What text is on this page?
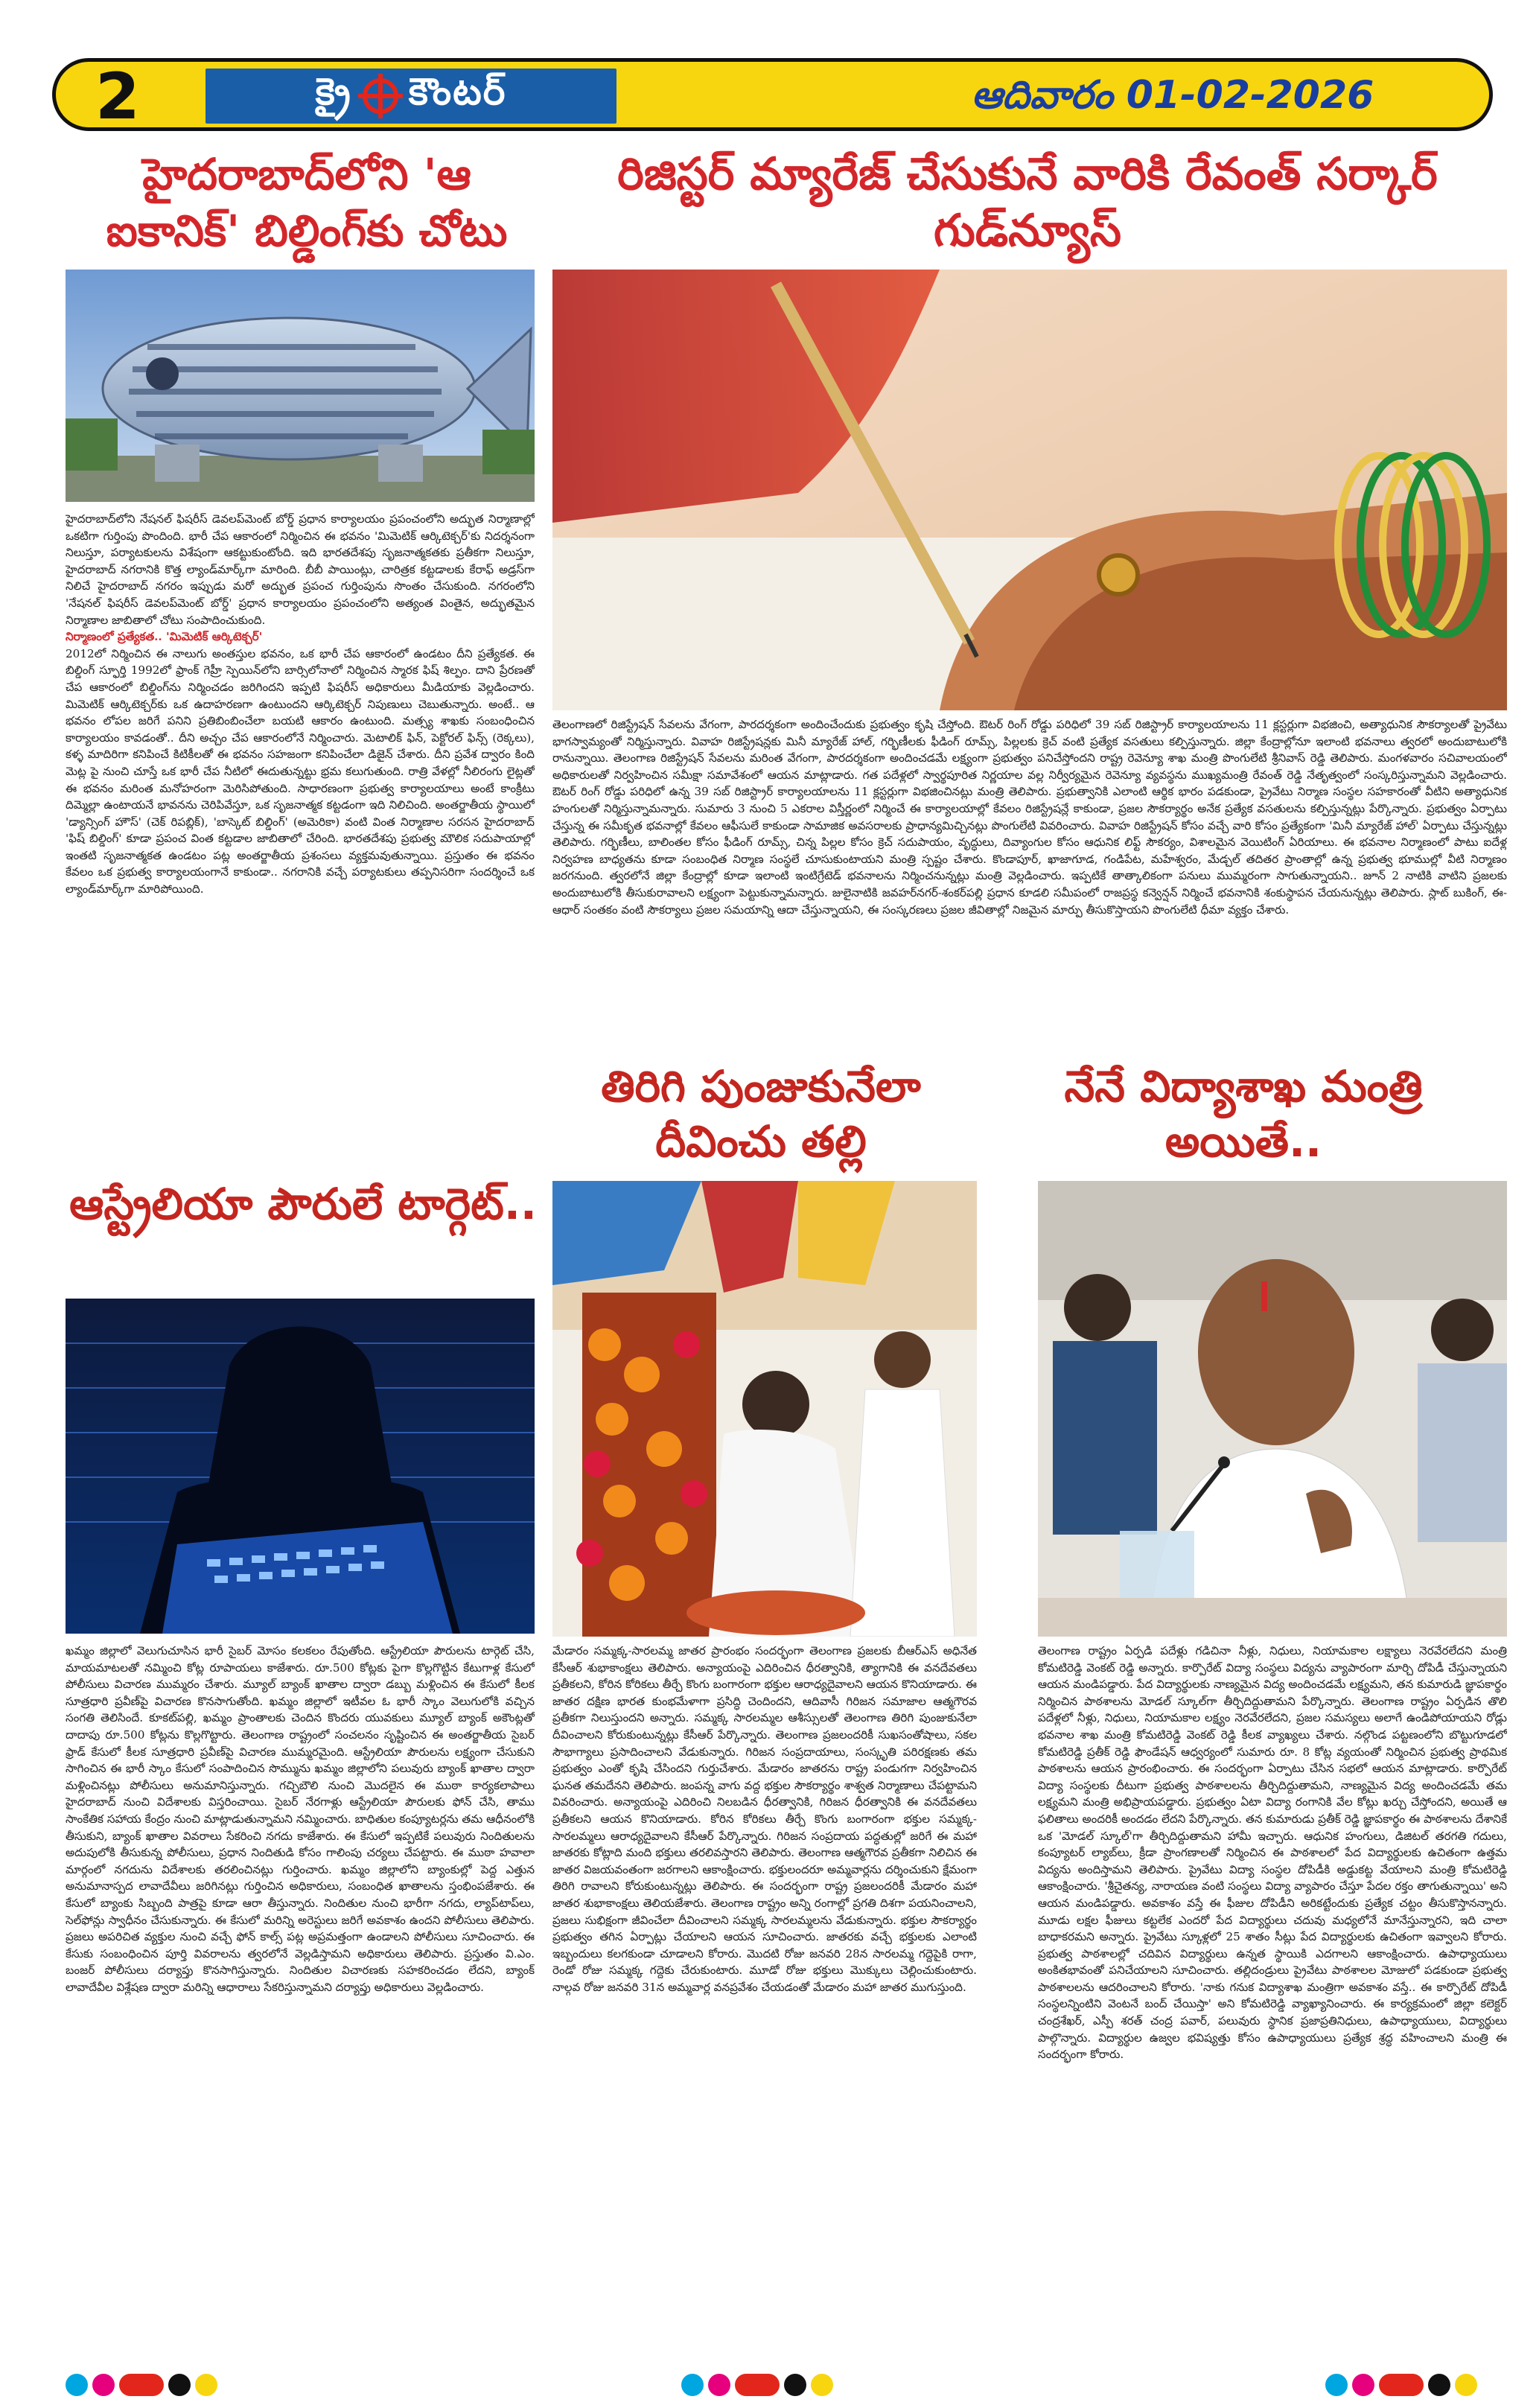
2	క్రై కౌంటర్	ఆదివారం 01-02-2026
హైదరాబాద్‌లోని 'ఆ ఐకానిక్' బిల్డింగ్‌కు చోటు

హైదరాబాద్‌లోని నేషనల్ ఫిషరీస్ డెవలప్‌మెంట్ బోర్డ్ ప్రధాన కార్యాలయం ప్రపంచంలోని అద్భుత నిర్మాణాల్లో ఒకటిగా గుర్తింపు పొందింది. భారీ చేప ఆకారంలో నిర్మించిన ఈ భవనం 'మిమెటిక్ ఆర్కిటెక్చర్'కు నిదర్శనంగా నిలుస్తూ, పర్యాటకులను విశేషంగా ఆకట్టుకుంటోంది. ఇది భారతదేశపు సృజనాత్మకతకు ప్రతీకగా నిలుస్తూ, హైదరాబాద్ నగరానికి కొత్త ల్యాండ్‌మార్క్‌గా మారింది. బీబీ పాయింట్లు, చారిత్రక కట్టడాలకు కేరాఫ్ అడ్రస్‌గా నిలిచే హైదరాబాద్ నగరం ఇప్పుడు మరో అద్భుత ప్రపంచ గుర్తింపును సొంతం చేసుకుంది. నగరంలోని 'నేషనల్ ఫిషరీస్ డెవలప్‌మెంట్ బోర్డ్' ప్రధాన కార్యాలయం ప్రపంచంలోని అత్యంత వింతైన, అద్భుతమైన నిర్మాణాల జాబితాలో చోటు సంపాదించుకుంది.

నిర్మాణంలో ప్రత్యేకత.. 'మిమెటిక్ ఆర్కిటెక్చర్'

2012లో నిర్మించిన ఈ నాలుగు అంతస్తుల భవనం, ఒక భారీ చేప ఆకారంలో ఉండటం దీని ప్రత్యేకత. ఈ బిల్డింగ్ స్ఫూర్తి 1992లో ఫ్రాంక్ గెహ్రీ స్పెయిన్‌లోని బార్సిలోనాలో నిర్మించిన స్మారక ఫిష్ శిల్పం. దాని ప్రేరణతో చేప ఆకారంలో బిల్డింగ్‌ను నిర్మించడం జరిగిందని ఇప్పటి ఫిషరీస్ అధికారులు మీడియాకు వెల్లడించారు. మిమెటిక్ ఆర్కిటెక్చర్‌కు ఒక ఉదాహరణగా ఉంటుందని ఆర్కిటెక్చర్ నిపుణులు చెబుతున్నారు. అంటే.. ఆ భవనం లోపల జరిగే పనిని ప్రతిబింబించేలా బయటి ఆకారం ఉంటుంది. మత్స్య శాఖకు సంబంధించిన కార్యాలయం కావడంతో.. దీని అచ్చం చేప ఆకారంలోనే నిర్మించారు. మెటాలిక్ ఫిన్, పెక్టోరల్ ఫిన్స్ (రెక్కలు), కళ్ళ మాదిరిగా కనిపించే కిటికీలతో ఈ భవనం సహజంగా కనిపించేలా డిజైన్ చేశారు. దీని ప్రవేశ ద్వారం కింది మెట్ల పై నుంచి చూస్తే ఒక భారీ చేప నీటిలో ఈదుతున్నట్టు భ్రమ కలుగుతుంది. రాత్రి వేళల్లో నీలిరంగు లైట్లతో ఈ భవనం మరింత మనోహరంగా మెరిసిపోతుంది. సాధారణంగా ప్రభుత్వ కార్యాలయాలు అంటే కాంక్రీటు దిమ్మెల్లా ఉంటాయనే భావనను చెరిపివేస్తూ, ఒక సృజనాత్మక కట్టడంగా ఇది నిలిచింది. అంతర్జాతీయ స్థాయిలో 'డ్యాన్సింగ్ హౌస్' (చెక్ రిపబ్లిక్), 'బాస్కెట్ బిల్డింగ్' (అమెరికా) వంటి వింత నిర్మాణాల సరసన హైదరాబాద్ 'ఫిష్ బిల్డింగ్' కూడా ప్రపంచ వింత కట్టడాల జాబితాలో చేరింది. భారతదేశపు ప్రభుత్వ మౌలిక సదుపాయాల్లో ఇంతటి సృజనాత్మకత ఉండటం పట్ల అంతర్జాతీయ ప్రశంసలు వ్యక్తమవుతున్నాయి. ప్రస్తుతం ఈ భవనం కేవలం ఒక ప్రభుత్వ కార్యాలయంగానే కాకుండా.. నగరానికి వచ్చే పర్యాటకులు తప్పనిసరిగా సందర్శించే ఒక ల్యాండ్‌మార్క్‌గా మారిపోయింది.

రిజిస్టర్ మ్యారేజ్ చేసుకునే వారికి రేవంత్ సర్కార్ గుడ్‌న్యూస్
తెలంగాణలో రిజిస్ట్రేషన్ సేవలను వేగంగా, పారదర్శకంగా అందించేందుకు ప్రభుత్వం కృషి చేస్తోంది. ఔటర్ రింగ్ రోడ్డు పరిధిలో 39 సబ్ రిజిస్ట్రార్ కార్యాలయాలను 11 క్లస్టర్లుగా విభజించి, అత్యాధునిక సౌకర్యాలతో ప్రైవేటు భాగస్వామ్యంతో నిర్మిస్తున్నారు. వివాహ రిజిస్ట్రేషన్లకు మినీ మ్యారేజ్ హాల్, గర్భిణీలకు ఫీడింగ్ రూమ్స్, పిల్లలకు క్రెచ్ వంటి ప్రత్యేక వసతులు కల్పిస్తున్నారు. జిల్లా కేంద్రాల్లోనూ ఇలాంటి భవనాలు త్వరలో అందుబాటులోకి రానున్నాయి. తెలంగాణ రిజిస్ట్రేషన్ సేవలను మరింత వేగంగా, పారదర్శకంగా అందించడమే లక్ష్యంగా ప్రభుత్వం పనిచేస్తోందని రాష్ట్ర రెవెన్యూ శాఖ మంత్రి పొంగులేటి శ్రీనివాస్ రెడ్డి తెలిపారు. మంగళవారం సచివాలయంలో అధికారులతో నిర్వహించిన సమీక్షా సమావేశంలో ఆయన మాట్లాడారు. గత పదేళ్లలో స్వార్థపూరిత నిర్ణయాల వల్ల నిర్వీర్యమైన రెవెన్యూ వ్యవస్థను ముఖ్యమంత్రి రేవంత్ రెడ్డి నేతృత్వంలో సంస్కరిస్తున్నామని వెల్లడించారు. ఔటర్ రింగ్ రోడ్డు పరిధిలో ఉన్న 39 సబ్ రిజిస్ట్రార్ కార్యాలయాలను 11 క్లస్టర్లుగా విభజించినట్లు మంత్రి తెలిపారు. ప్రభుత్వానికి ఎలాంటి ఆర్థిక భారం పడకుండా, ప్రైవేటు నిర్మాణ సంస్థల సహకారంతో వీటిని అత్యాధునిక హంగులతో నిర్మిస్తున్నామన్నారు. సుమారు 3 నుంచి 5 ఎకరాల విస్తీర్ణంలో నిర్మించే ఈ కార్యాలయాల్లో కేవలం రిజిస్ట్రేషన్లే కాకుండా, ప్రజల సౌకర్యార్థం అనేక ప్రత్యేక వసతులను కల్పిస్తున్నట్లు పేర్కొన్నారు. ప్రభుత్వం ఏర్పాటు చేస్తున్న ఈ సమీకృత భవనాల్లో కేవలం ఆఫీసులే కాకుండా సామాజిక అవసరాలకు ప్రాధాన్యమిచ్చినట్లు పొంగులేటి వివరించారు. వివాహ రిజిస్ట్రేషన్ కోసం వచ్చే వారి కోసం ప్రత్యేకంగా 'మినీ మ్యారేజ్ హాల్' ఏర్పాటు చేస్తున్నట్లు తెలిపారు. గర్భిణీలు, బాలింతల కోసం ఫీడింగ్ రూమ్స్, చిన్న పిల్లల కోసం క్రెచ్ సదుపాయం, వృద్ధులు, దివ్యాంగుల కోసం ఆధునిక లిఫ్ట్ సౌకర్యం, విశాలమైన వెయిటింగ్ ఏరియాలు. ఈ భవనాల నిర్మాణంలో పాటు ఐదేళ్ల నిర్వహణ బాధ్యతను కూడా సంబంధిత నిర్మాణ సంస్థలే చూసుకుంటాయని మంత్రి స్పష్టం చేశారు. కొండాపూర్, ఖాజాగూడ, గండిపేట, మహేశ్వరం, మేడ్చల్ తదితర ప్రాంతాల్లో ఉన్న ప్రభుత్వ భూముల్లో వీటి నిర్మాణం జరగనుంది. త్వరలోనే జిల్లా కేంద్రాల్లో కూడా ఇలాంటి ఇంటిగ్రేటెడ్ భవనాలను నిర్మించనున్నట్లు మంత్రి వెల్లడించారు. ఇప్పటికే తాత్కాలికంగా పనులు ముమ్మరంగా సాగుతున్నాయని.. జూన్ 2 నాటికి వాటిని ప్రజలకు అందుబాటులోకి తీసుకురావాలని లక్ష్యంగా పెట్టుకున్నామన్నారు. జులైనాటికి జవహర్‌నగర్-శంకర్‌పల్లి ప్రధాన కూడలి సమీపంలో రాజప్రస్థ కన్వెన్షన్ నిర్మించే భవనానికి శంకుస్థాపన చేయనున్నట్లు తెలిపారు. స్లాట్ బుకింగ్, ఈ-ఆధార్ సంతకం వంటి సౌకర్యాలు ప్రజల సమయాన్ని ఆదా చేస్తున్నాయని, ఈ సంస్కరణలు ప్రజల జీవితాల్లో నిజమైన మార్పు తీసుకొస్తాయని పొంగులేటి ధీమా వ్యక్తం చేశారు.
తిరిగి పుంజుకునేలా దీవించు తల్లి
మేడారం సమ్మక్క-సారలమ్మ జాతర ప్రారంభం సందర్భంగా తెలంగాణ ప్రజలకు బీఆర్ఎస్ అధినేత కేసీఆర్ శుభాకాంక్షలు తెలిపారు. అన్యాయంపై ఎదిరించిన ధీరత్వానికి, త్యాగానికి ఈ వనదేవతలు ప్రతీకలని, కోరిన కోరికలు తీర్చే కొంగు బంగారంగా భక్తుల ఆరాధ్యదైవాలని ఆయన కొనియాడారు. ఈ జాతర దక్షిణ భారత కుంభమేళాగా ప్రసిద్ధి చెందిందని, ఆదివాసీ గిరిజన సమాజాల ఆత్మగౌరవ ప్రతీకగా నిలుస్తుందని అన్నారు. సమ్మక్క సారలమ్మల ఆశీస్సులతో తెలంగాణ తిరిగి పుంజుకునేలా దీవించాలని కోరుకుంటున్నట్లు కేసీఆర్ పేర్కొన్నారు. తెలంగాణ ప్రజలందరికీ సుఖసంతోషాలు, సకల సౌభాగ్యాలు ప్రసాదించాలని వేడుకున్నారు. గిరిజన సంప్రదాయాలు, సంస్కృతి పరిరక్షణకు తమ ప్రభుత్వం ఎంతో కృషి చేసిందని గుర్తుచేశారు. మేడారం జాతరను రాష్ట్ర పండుగగా నిర్వహించిన ఘనత తమదేనని తెలిపారు. జంపన్న వాగు వద్ద భక్తుల సౌకర్యార్థం శాశ్వత నిర్మాణాలు చేపట్టామని వివరించారు. అన్యాయంపై ఎదిరించి నిలబడిన ధీరత్వానికి, గిరిజన ధీరత్వానికి ఈ వనదేవతలు ప్రతీకలని ఆయన కొనియాడారు. కోరిన కోరికలు తీర్చే కొంగు బంగారంగా భక్తుల సమ్మక్క-సారలమ్మలు ఆరాధ్యదైవాలని కేసీఆర్ పేర్కొన్నారు. గిరిజన సంప్రదాయ పద్ధతుల్లో జరిగే ఈ మహా జాతరకు కోట్లాది మంది భక్తులు తరలివస్తారని తెలిపారు. తెలంగాణ ఆత్మగౌరవ ప్రతీకగా నిలిచిన ఈ జాతర విజయవంతంగా జరగాలని ఆకాంక్షించారు. భక్తులందరూ అమ్మవార్లను దర్శించుకుని క్షేమంగా తిరిగి రావాలని కోరుకుంటున్నట్లు తెలిపారు. ఈ సందర్భంగా రాష్ట్ర ప్రజలందరికీ మేడారం మహా జాతర శుభాకాంక్షలు తెలియజేశారు. తెలంగాణ రాష్ట్రం అన్ని రంగాల్లో ప్రగతి దిశగా పయనించాలని, ప్రజలు సుభిక్షంగా జీవించేలా దీవించాలని సమ్మక్క సారలమ్మలను వేడుకున్నారు. భక్తుల సౌకర్యార్థం ప్రభుత్వం తగిన ఏర్పాట్లు చేయాలని ఆయన సూచించారు. జాతరకు వచ్చే భక్తులకు ఎలాంటి ఇబ్బందులు కలగకుండా చూడాలని కోరారు. మొదటి రోజు జనవరి 28న సారలమ్మ గద్దెపైకి రాగా, రెండో రోజు సమ్మక్క గద్దెకు చేరుకుంటారు. మూడో రోజు భక్తులు మొక్కులు చెల్లించుకుంటారు. నాల్గవ రోజు జనవరి 31న అమ్మవార్ల వనప్రవేశం చేయడంతో మేడారం మహా జాతర ముగుస్తుంది.
నేనే విద్యాశాఖ మంత్రి అయితే..
తెలంగాణ రాష్ట్రం ఏర్పడి పదేళ్లు గడిచినా నీళ్లు, నిధులు, నియామకాల లక్ష్యాలు నెరవేరలేదని మంత్రి కోమటిరెడ్డి వెంకట్ రెడ్డి అన్నారు. కార్పొరేట్ విద్యా సంస్థలు విద్యను వ్యాపారంగా మార్చి దోపిడీ చేస్తున్నాయని ఆయన మండిపడ్డారు. పేద విద్యార్థులకు నాణ్యమైన విద్య అందించడమే లక్ష్యమని, తన కుమారుడి జ్ఞాపకార్థం నిర్మించిన పాఠశాలను మోడల్ స్కూల్‌గా తీర్చిదిద్దుతామని పేర్కొన్నారు. తెలంగాణ రాష్ట్రం ఏర్పడిన తొలి పదేళ్లలో నీళ్లు, నిధులు, నియామకాల లక్ష్యం నెరవేరలేదని, ప్రజల సమస్యలు అలాగే ఉండిపోయాయని రోడ్లు భవనాల శాఖ మంత్రి కోమటిరెడ్డి వెంకట్ రెడ్డి కీలక వ్యాఖ్యలు చేశారు. నల్గొండ పట్టణంలోని బొట్టుగూడలో కోమటిరెడ్డి ప్రతీక్ రెడ్డి ఫౌండేషన్ ఆధ్వర్యంలో సుమారు రూ. 8 కోట్ల వ్యయంతో నిర్మించిన ప్రభుత్వ ప్రాథమిక పాఠశాలను ఆయన ప్రారంభించారు. ఈ సందర్భంగా ఏర్పాటు చేసిన సభలో ఆయన మాట్లాడారు. కార్పొరేట్ విద్యా సంస్థలకు దీటుగా ప్రభుత్వ పాఠశాలలను తీర్చిదిద్దుతామని, నాణ్యమైన విద్య అందించడమే తమ లక్ష్యమని మంత్రి అభిప్రాయపడ్డారు. ప్రభుత్వం ఏటా విద్యా రంగానికి వేల కోట్లు ఖర్చు చేస్తోందని, అయితే ఆ ఫలితాలు అందరికీ అందడం లేదని పేర్కొన్నారు. తన కుమారుడు ప్రతీక్ రెడ్డి జ్ఞాపకార్థం ఈ పాఠశాలను దేశానికే ఒక 'మోడల్ స్కూల్'గా తీర్చిదిద్దుతామని హామీ ఇచ్చారు. ఆధునిక హంగులు, డిజిటల్ తరగతి గదులు, కంప్యూటర్ ల్యాబ్‌లు, క్రీడా ప్రాంగణాలతో నిర్మించిన ఈ పాఠశాలలో పేద విద్యార్థులకు ఉచితంగా ఉత్తమ విద్యను అందిస్తామని తెలిపారు. ప్రైవేటు విద్యా సంస్థల దోపిడీకి అడ్డుకట్ట వేయాలని మంత్రి కోమటిరెడ్డి ఆకాంక్షించారు. 'శ్రీచైతన్య, నారాయణ వంటి సంస్థలు విద్యా వ్యాపారం చేస్తూ పేదల రక్తం తాగుతున్నాయి' అని ఆయన మండిపడ్డారు. అవకాశం వస్తే ఈ ఫీజుల దోపిడీని అరికట్టేందుకు ప్రత్యేక చట్టం తీసుకొస్తానన్నారు. మూడు లక్షల ఫీజులు కట్టలేక ఎందరో పేద విద్యార్థులు చదువు మధ్యలోనే మానేస్తున్నారని, ఇది చాలా బాధాకరమని అన్నారు. ప్రైవేటు స్కూళ్లలో 25 శాతం సీట్లు పేద విద్యార్థులకు ఉచితంగా ఇవ్వాలని కోరారు. ప్రభుత్వ పాఠశాలల్లో చదివిన విద్యార్థులు ఉన్నత స్థాయికి ఎదగాలని ఆకాంక్షించారు. ఉపాధ్యాయులు అంకితభావంతో పనిచేయాలని సూచించారు. తల్లిదండ్రులు ప్రైవేటు పాఠశాలల మోజులో పడకుండా ప్రభుత్వ పాఠశాలలను ఆదరించాలని కోరారు. 'నాకు గనుక విద్యాశాఖ మంత్రిగా అవకాశం వస్తే.. ఈ కార్పొరేట్ దోపిడీ సంస్థలన్నింటిని వెంటనే బంద్ చేయిస్తా' అని కోమటిరెడ్డి వ్యాఖ్యానించారు. ఈ కార్యక్రమంలో జిల్లా కలెక్టర్ చంద్రశేఖర్, ఎస్పీ శరత్ చంద్ర పవార్, పలువురు స్థానిక ప్రజాప్రతినిధులు, ఉపాధ్యాయులు, విద్యార్థులు పాల్గొన్నారు. విద్యార్థుల ఉజ్వల భవిష్యత్తు కోసం ఉపాధ్యాయులు ప్రత్యేక శ్రద్ధ వహించాలని మంత్రి ఈ సందర్భంగా కోరారు.
ఆస్ట్రేలియా పౌరులే టార్గెట్..
ఖమ్మం జిల్లాలో వెలుగుచూసిన భారీ సైబర్ మోసం కలకలం రేపుతోంది. ఆస్ట్రేలియా పౌరులను టార్గెట్ చేసి, మాయమాటలతో నమ్మించి కోట్ల రూపాయలు కాజేశారు. రూ.500 కోట్లకు పైగా కొల్లగొట్టిన కేటుగాళ్ల కేసులో పోలీసులు విచారణ ముమ్మరం చేశారు. మ్యూల్ బ్యాంక్ ఖాతాల ద్వారా డబ్బు మళ్లించిన ఈ కేసులో కీలక సూత్రధారి ప్రవీణ్‌పై విచారణ కొనసాగుతోంది. ఖమ్మం జిల్లాలో ఇటీవల ఓ భారీ స్కాం వెలుగులోకి వచ్చిన సంగతి తెలిసిందే. కూకట్‌పల్లి, ఖమ్మం ప్రాంతాలకు చెందిన కొందరు యువకులు మ్యూల్ బ్యాంక్ అకౌంట్లతో దాదాపు రూ.500 కోట్లను కొల్లగొట్టారు. తెలంగాణ రాష్ట్రంలో సంచలనం సృష్టించిన ఈ అంతర్జాతీయ సైబర్ ఫ్రాడ్ కేసులో కీలక సూత్రధారి ప్రవీణ్‌పై విచారణ ముమ్మరమైంది. ఆస్ట్రేలియా పౌరులను లక్ష్యంగా చేసుకుని సాగించిన ఈ భారీ స్కాం కేసులో సంపాదించిన సొమ్మును ఖమ్మం జిల్లాలోని పలువురు బ్యాంక్ ఖాతాల ద్వారా మళ్లించినట్లు పోలీసులు అనుమానిస్తున్నారు. గచ్చిబౌలి నుంచి మొదలైన ఈ ముఠా కార్యకలాపాలు హైదరాబాద్ నుంచి విదేశాలకు విస్తరించాయి. సైబర్ నేరగాళ్లు ఆస్ట్రేలియా పౌరులకు ఫోన్ చేసి, తాము సాంకేతిక సహాయ కేంద్రం నుంచి మాట్లాడుతున్నామని నమ్మించారు. బాధితుల కంప్యూటర్లను తమ ఆధీనంలోకి తీసుకుని, బ్యాంక్ ఖాతాల వివరాలు సేకరించి నగదు కాజేశారు. ఈ కేసులో ఇప్పటికే పలువురు నిందితులను అదుపులోకి తీసుకున్న పోలీసులు, ప్రధాన నిందితుడి కోసం గాలింపు చర్యలు చేపట్టారు. ఈ ముఠా హవాలా మార్గంలో నగదును విదేశాలకు తరలించినట్లు గుర్తించారు. ఖమ్మం జిల్లాలోని బ్యాంకుల్లో పెద్ద ఎత్తున అనుమానాస్పద లావాదేవీలు జరిగినట్లు గుర్తించిన అధికారులు, సంబంధిత ఖాతాలను స్తంభింపజేశారు. ఈ కేసులో బ్యాంకు సిబ్బంది పాత్రపై కూడా ఆరా తీస్తున్నారు. నిందితుల నుంచి భారీగా నగదు, ల్యాప్‌టాప్‌లు, సెల్‌ఫోన్లు స్వాధీనం చేసుకున్నారు. ఈ కేసులో మరిన్ని అరెస్టులు జరిగే అవకాశం ఉందని పోలీసులు తెలిపారు. ప్రజలు అపరిచిత వ్యక్తుల నుంచి వచ్చే ఫోన్ కాల్స్ పట్ల అప్రమత్తంగా ఉండాలని పోలీసులు సూచించారు. ఈ కేసుకు సంబంధించిన పూర్తి వివరాలను త్వరలోనే వెల్లడిస్తామని అధికారులు తెలిపారు. ప్రస్తుతం వి.ఎం. బంజర్ పోలీసులు దర్యాప్తు కొనసాగిస్తున్నారు. నిందితుల విచారణకు సహకరించడం లేదని, బ్యాంక్ లావాదేవీల విశ్లేషణ ద్వారా మరిన్ని ఆధారాలు సేకరిస్తున్నామని దర్యాప్తు అధికారులు వెల్లడించారు.
